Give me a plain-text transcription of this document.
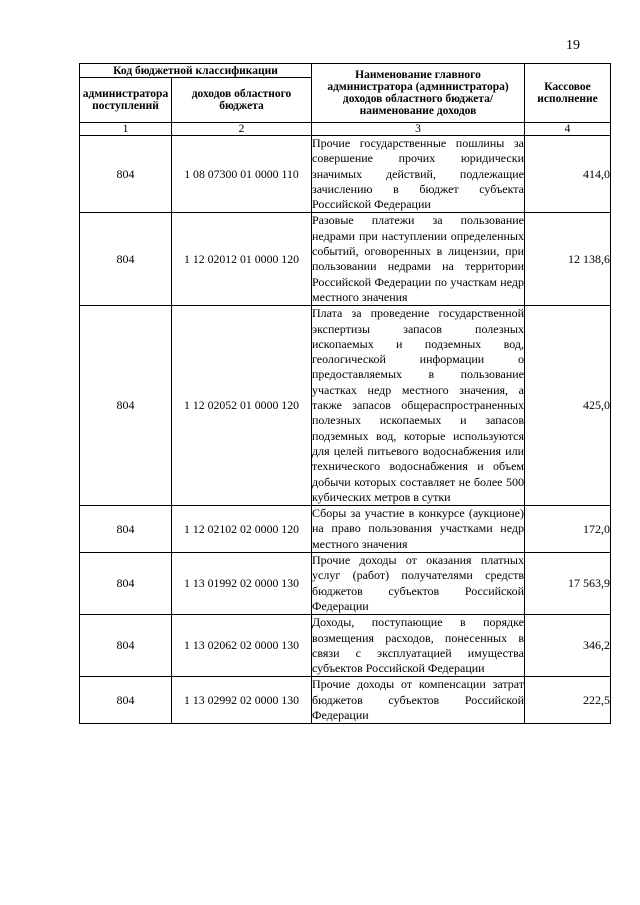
19
Код бюджетной классификации		Наименование главного администратора (администратора) доходов областного бюджета/ наименование доходов	Кассовое исполнение
администратора поступлений	доходов областного бюджета		
1	2	3	4
804	1 08 07300 01 0000 110	Прочие государственные пошлины за совершение прочих юридически значимых действий, подлежащие зачислению в бюджет субъекта Российской Федерации	414,0
804	1 12 02012 01 0000 120	Разовые платежи за пользование недрами при наступлении определенных событий, оговоренных в лицензии, при пользовании недрами на территории Российской Федерации по участкам недр местного значения	12 138,6
804	1 12 02052 01 0000 120	Плата за проведение государственной экспертизы запасов полезных ископаемых и подземных вод, геологической информации о предоставляемых в пользование участках недр местного значения, а также запасов общераспространенных полезных ископаемых и запасов подземных вод, которые используются для целей питьевого водоснабжения или технического водоснабжения и объем добычи которых составляет не более 500 кубических метров в сутки	425,0
804	1 12 02102 02 0000 120	Сборы за участие в конкурсе (аукционе) на право пользования участками недр местного значения	172,0
804	1 13 01992 02 0000 130	Прочие доходы от оказания платных услуг (работ) получателями средств бюджетов субъектов Российской Федерации	17 563,9
804	1 13 02062 02 0000 130	Доходы, поступающие в порядке возмещения расходов, понесенных в связи с эксплуатацией имущества субъектов Российской Федерации	346,2
804	1 13 02992 02 0000 130	Прочие доходы от компенсации затрат бюджетов субъектов Российской Федерации	222,5
